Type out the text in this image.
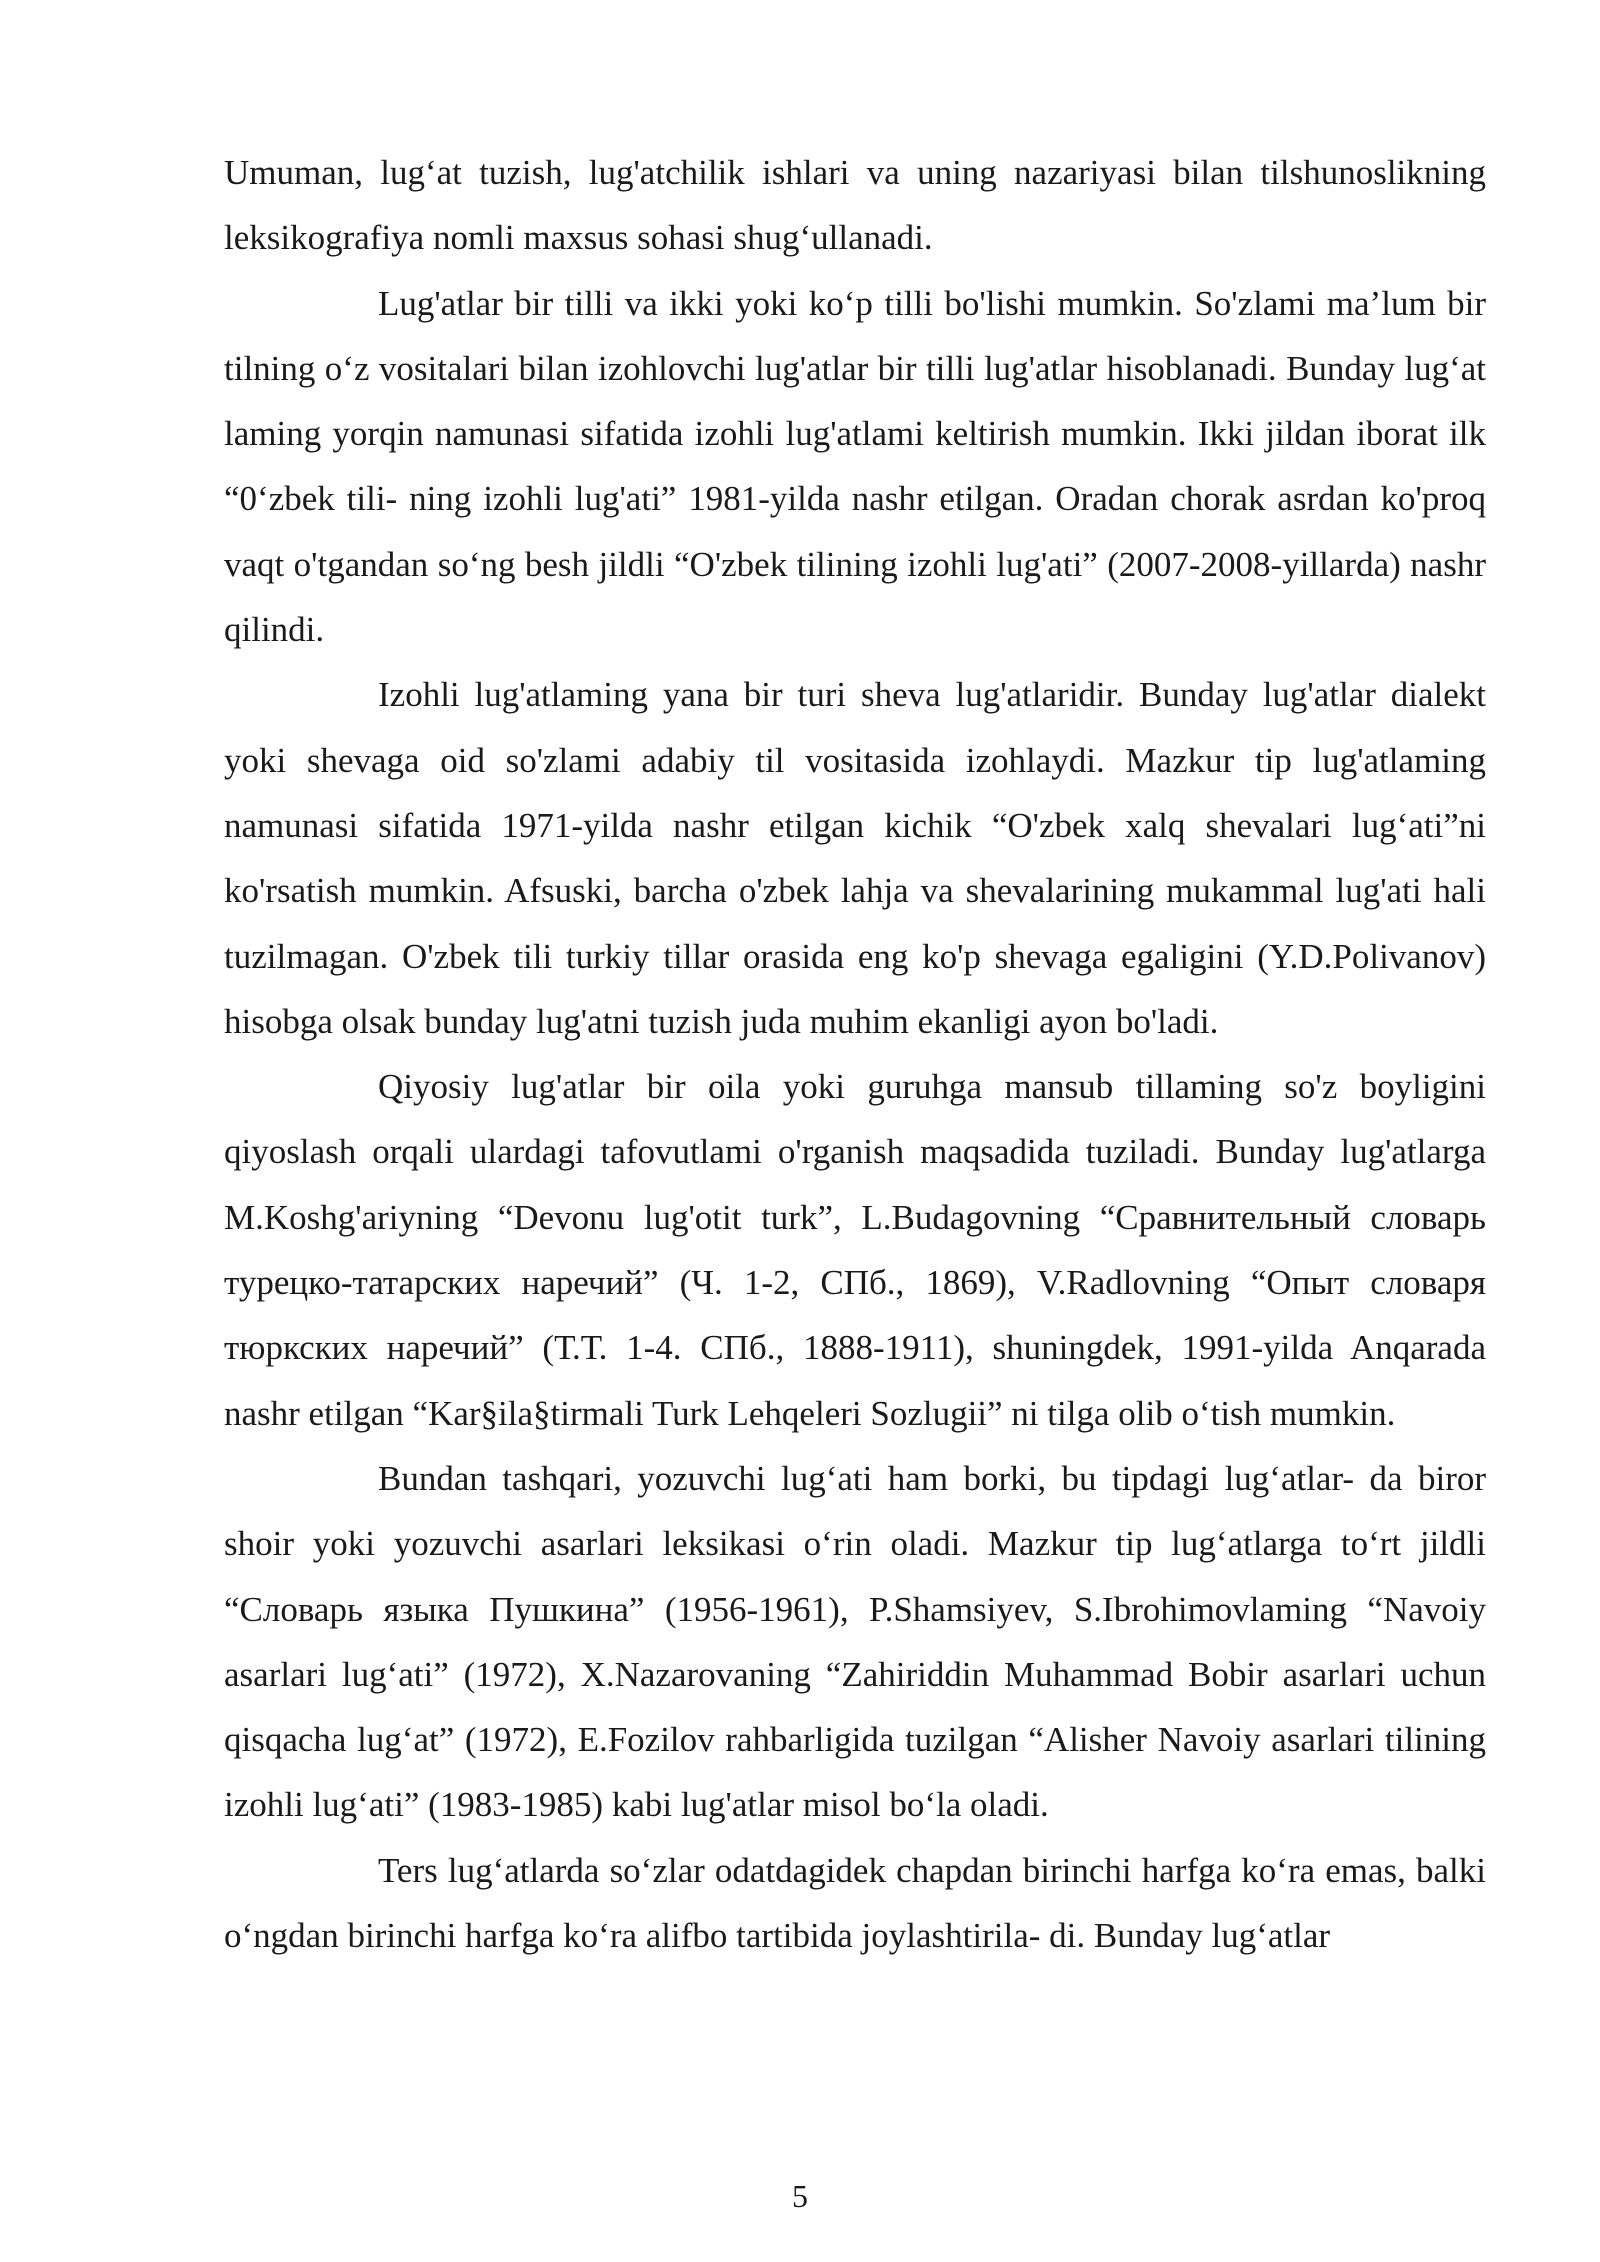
Umuman, lug‘at tuzish, lug'atchilik ishlari va uning nazariyasi bilan tilshunoslikning leksikografiya nomli maxsus sohasi shug‘ullanadi.

Lug'atlar bir tilli va ikki yoki ko‘p tilli bo'lishi mumkin. So'zlami ma’lum bir tilning o‘z vositalari bilan izohlovchi lug'atlar bir tilli lug'atlar hisoblanadi. Bunday lug‘at laming yorqin namunasi sifatida izohli lug'atlami keltirish mumkin. Ikki jildan iborat ilk “0‘zbek tili- ning izohli lug'ati” 1981-yilda nashr etilgan. Oradan chorak asrdan ko'proq vaqt o'tgandan so‘ng besh jildli “O'zbek tilining izohli lug'ati” (2007-2008-yillarda) nashr qilindi.

Izohli lug'atlaming yana bir turi sheva lug'atlaridir. Bunday lug'atlar dialekt yoki shevaga oid so'zlami adabiy til vositasida izohlaydi. Mazkur tip lug'atlaming namunasi sifatida 1971-yilda nashr etilgan kichik “O'zbek xalq shevalari lug‘ati”ni ko'rsatish mumkin. Afsuski, barcha o'zbek lahja va shevalarining mukammal lug'ati hali tuzilmagan. O'zbek tili turkiy tillar orasida eng ko'p shevaga egaligini (Y.D.Polivanov) hisobga olsak bunday lug'atni tuzish juda muhim ekanligi ayon bo'ladi.

Qiyosiy lug'atlar bir oila yoki guruhga mansub tillaming so'z boyligini qiyoslash orqali ulardagi tafovutlami o'rganish maqsadida tuziladi. Bunday lug'atlarga M.Koshg'ariyning “Devonu lug'otit turk”, L.Budagovning “Сравнительный словарь турецко-татарских наречий” (Ч. 1-2, СПб., 1869), V.Radlovning “Опыт словаря тюркских наречий” (Т.Т. 1-4. СПб., 1888-1911), shuningdek, 1991-yilda Anqarada nashr etilgan “Kar§ila§tirmali Turk Lehqeleri Sozlugii” ni tilga olib o‘tish mumkin.

Bundan tashqari, yozuvchi lug‘ati ham borki, bu tipdagi lug‘atlar- da biror shoir yoki yozuvchi asarlari leksikasi o‘rin oladi. Mazkur tip lug‘atlarga to‘rt jildli “Словарь языка Пушкина” (1956-1961), P.Shamsiyev, S.Ibrohimovlaming “Navoiy asarlari lug‘ati” (1972), X.Nazarovaning “Zahiriddin Muhammad Bobir asarlari uchun qisqacha lug‘at” (1972), E.Fozilov rahbarligida tuzilgan “Alisher Navoiy asarlari tilining izohli lug‘ati” (1983-1985) kabi lug'atlar misol bo‘la oladi.

Ters lug‘atlarda so‘zlar odatdagidek chapdan birinchi harfga ko‘ra emas, balki o‘ngdan birinchi harfga ko‘ra alifbo tartibida joylashtirila- di. Bunday lug‘atlar

5
